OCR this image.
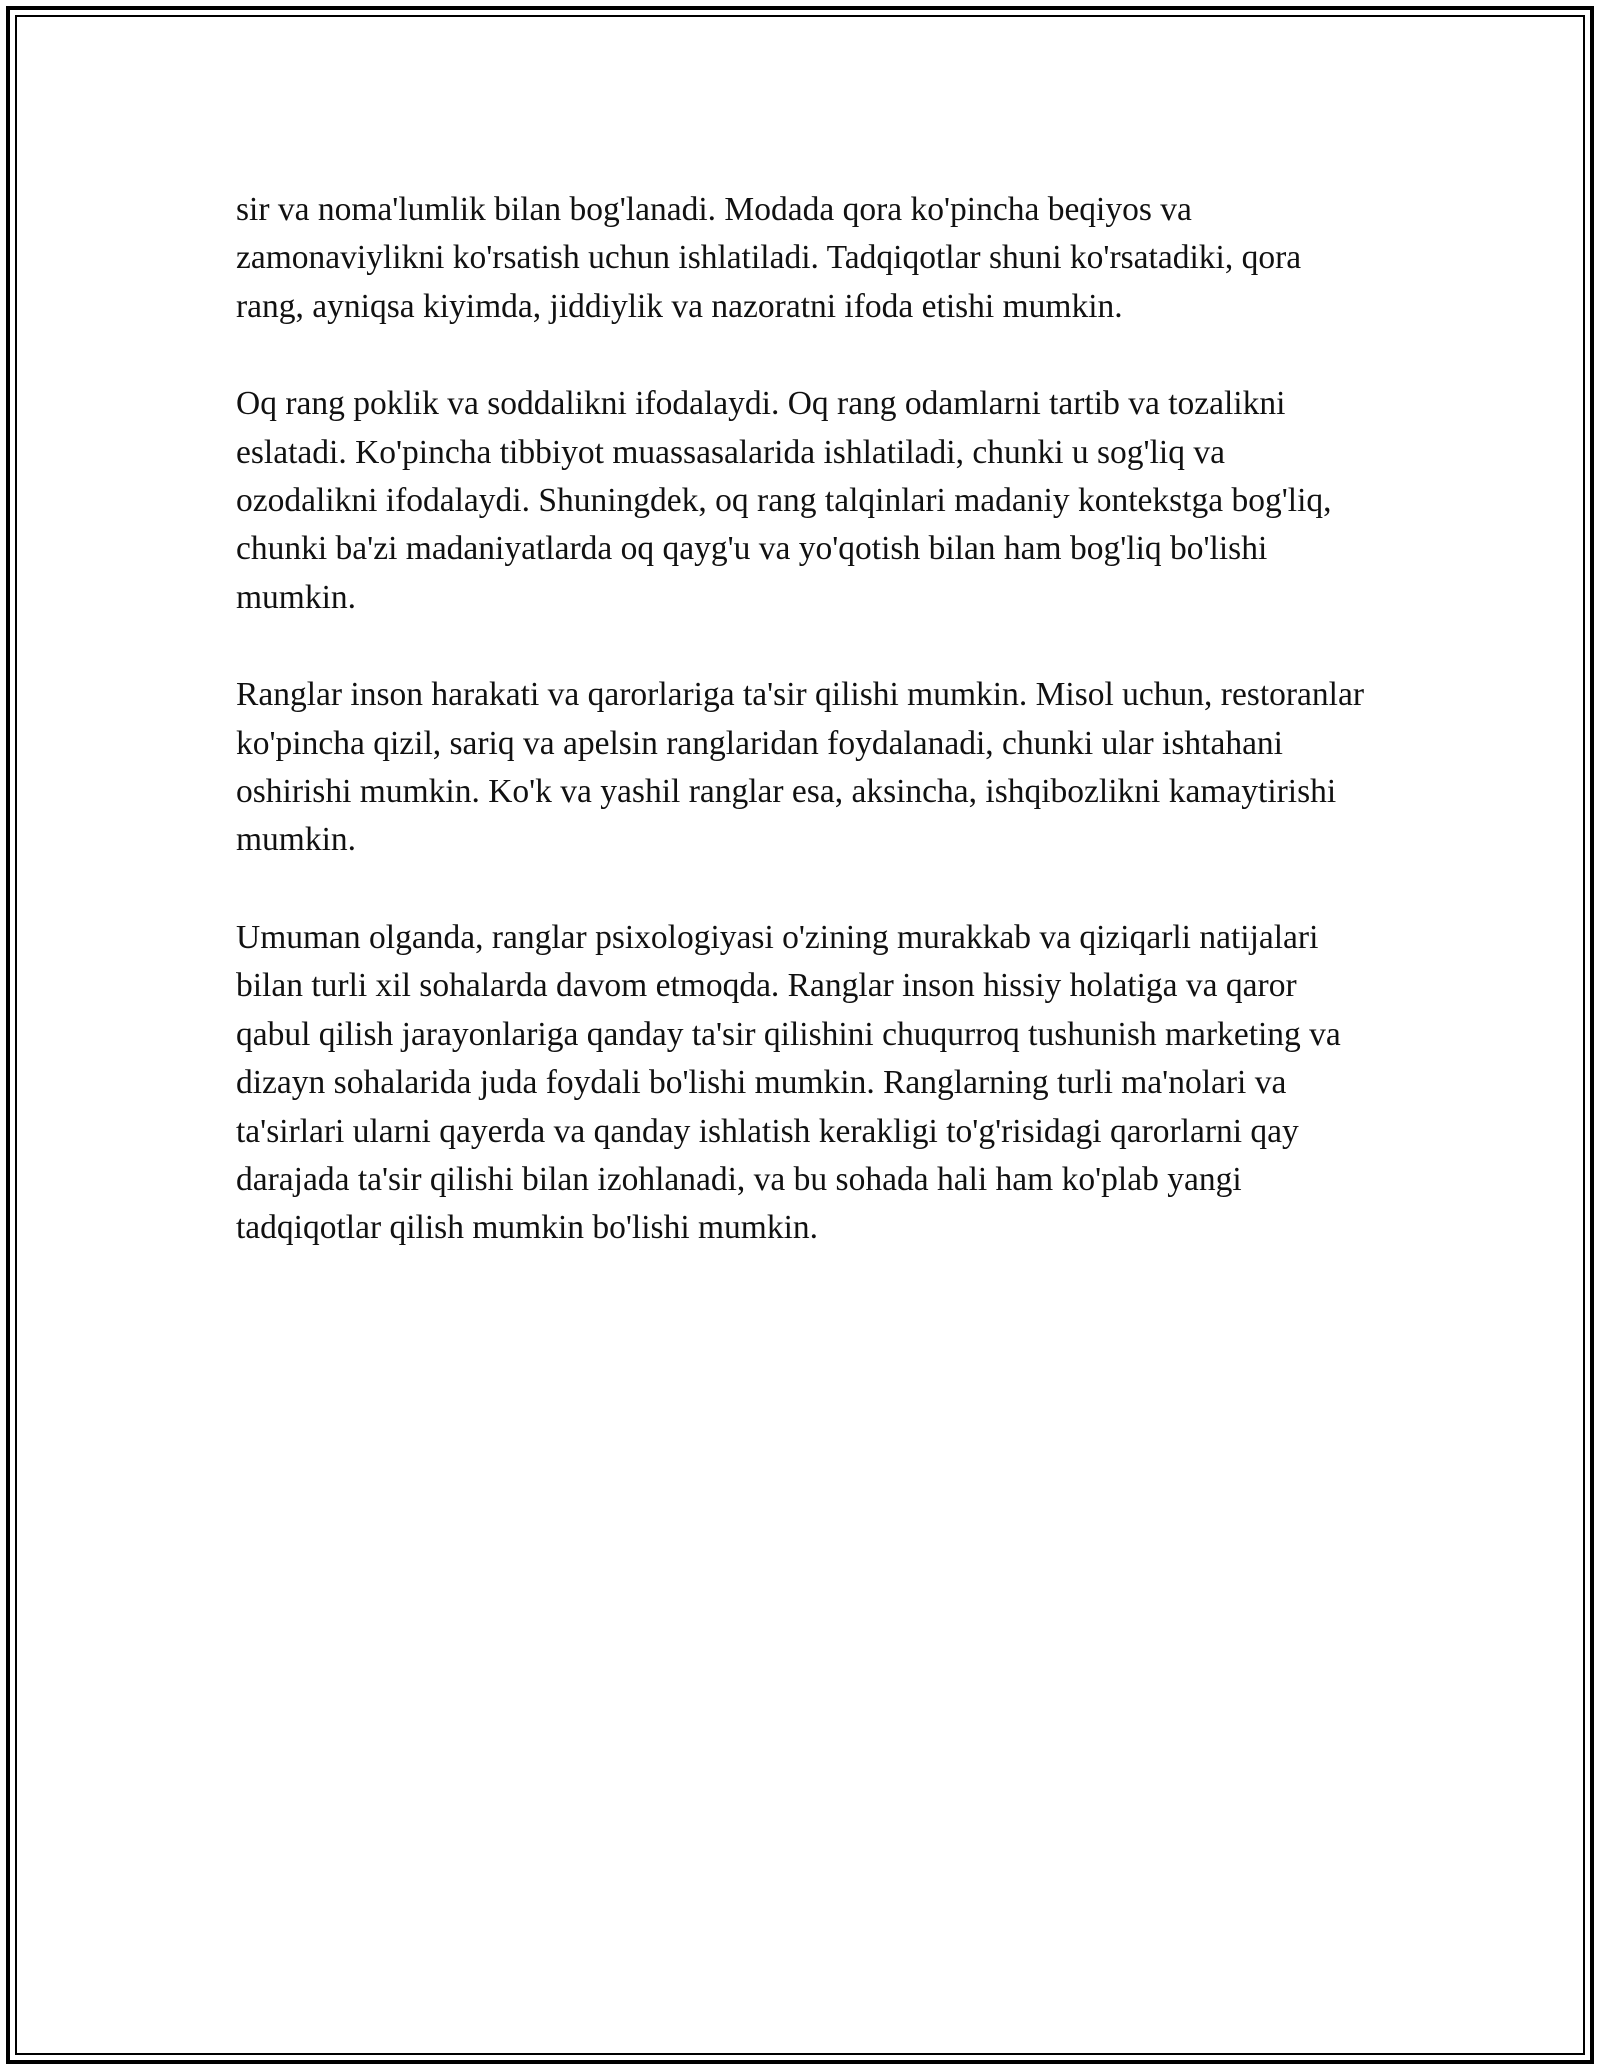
sir va noma'lumlik bilan bog'lanadi. Modada qora ko'pincha beqiyos va zamonaviylikni ko'rsatish uchun ishlatiladi. Tadqiqotlar shuni ko'rsatadiki, qora rang, ayniqsa kiyimda, jiddiylik va nazoratni ifoda etishi mumkin.

Oq rang poklik va soddalikni ifodalaydi. Oq rang odamlarni tartib va tozalikni eslatadi. Ko'pincha tibbiyot muassasalarida ishlatiladi, chunki u sog'liq va ozodalikni ifodalaydi. Shuningdek, oq rang talqinlari madaniy kontekstga bog'liq, chunki ba'zi madaniyatlarda oq qayg'u va yo'qotish bilan ham bog'liq bo'lishi mumkin.

Ranglar inson harakati va qarorlariga ta'sir qilishi mumkin. Misol uchun, restoranlar ko'pincha qizil, sariq va apelsin ranglaridan foydalanadi, chunki ular ishtahani oshirishi mumkin. Ko'k va yashil ranglar esa, aksincha, ishqibozlikni kamaytirishi mumkin.

Umuman olganda, ranglar psixologiyasi o'zining murakkab va qiziqarli natijalari bilan turli xil sohalarda davom etmoqda. Ranglar inson hissiy holatiga va qaror qabul qilish jarayonlariga qanday ta'sir qilishini chuqurroq tushunish marketing va dizayn sohalarida juda foydali bo'lishi mumkin. Ranglarning turli ma'nolari va ta'sirlari ularni qayerda va qanday ishlatish kerakligi to'g'risidagi qarorlarni qay darajada ta'sir qilishi bilan izohlanadi, va bu sohada hali ham ko'plab yangi tadqiqotlar qilish mumkin bo'lishi mumkin.
